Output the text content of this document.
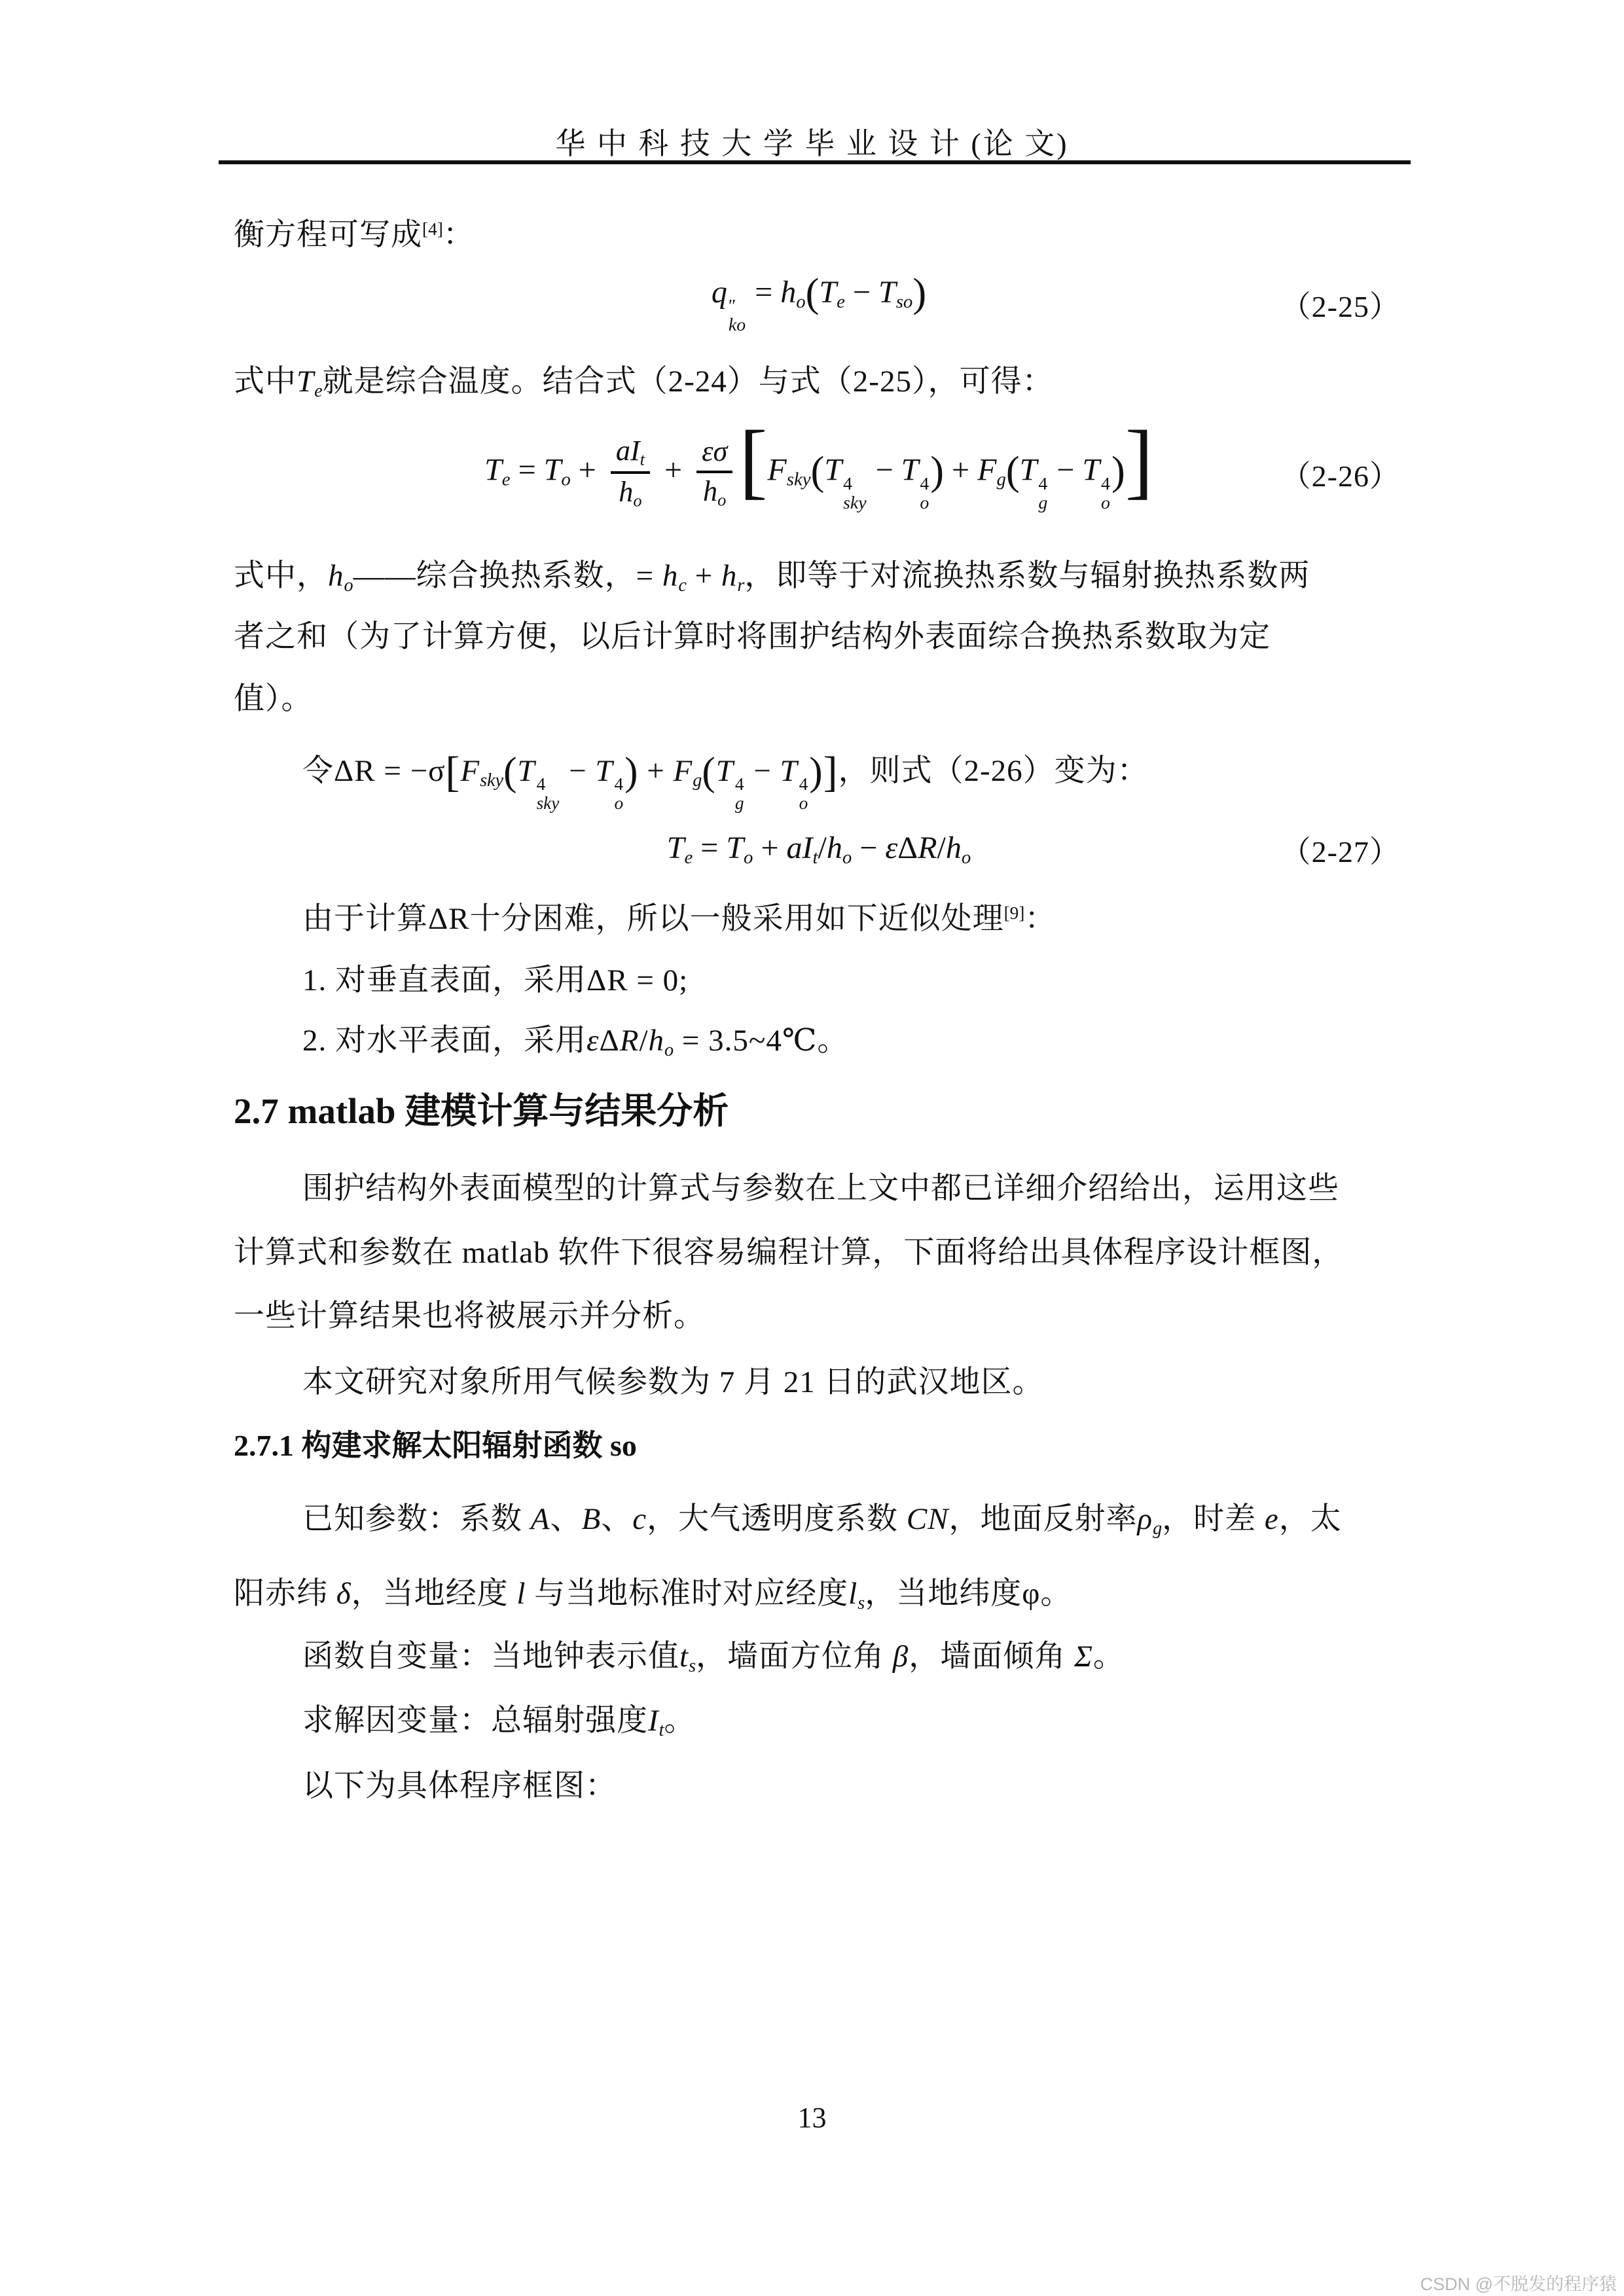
华 中 科 技 大 学 毕 业 设 计 (论 文)
衡方程可写成[4]：
q ″
ko
= $h_o(T_e - T_{so})$	（2-25）
式中$T_e$就是综合温度。结合式（2-24）与式（2-25），可得：
$T_e = T_o + \frac{aI_t}{h_o} + \frac{\varepsilon\sigma}{h_o} [F_{sky}(T$ 4
sky
− T 4
o
) + $F_g(T$ 4
g
− T 4
o
)]	（2-26）
式中，$h_o——$综合换热系数，= $h_c + h_r$，即等于对流换热系数与辐射换热系数两
者之和（为了计算方便，以后计算时将围护结构外表面综合换热系数取为定
值）。
令$\Delta R = -\sigma[F_{sky}(T$ 4
sky
− T 4
o
) + $F_g(T$ 4
g
− T 4
o
)]，则式（2-26）变为：
$T_e = T_o + aI_t/h_o - \varepsilon\Delta R/h_o$	（2-27）
由于计算ΔR十分困难，所以一般采用如下近似处理[9]：
1. 对垂直表面，采用ΔR = 0;
2. 对水平表面，采用εΔR/$h_o$ = 3.5~4℃。
2.7 matlab 建模计算与结果分析
围护结构外表面模型的计算式与参数在上文中都已详细介绍给出，运用这些
计算式和参数在 matlab 软件下很容易编程计算，下面将给出具体程序设计框图，
一些计算结果也将被展示并分析。
本文研究对象所用气候参数为 7 月 21 日的武汉地区。
2.7.1 构建求解太阳辐射函数 so
已知参数：系数 A、B、c，大气透明度系数 CN，地面反射率$\rho_g$，时差 e，太
阳赤纬 δ，当地经度 l 与当地标准时对应经度$l_s$，当地纬度φ。
函数自变量：当地钟表示值$t_s$，墙面方位角 β，墙面倾角 Σ。
求解因变量：总辐射强度$I_t$。
以下为具体程序框图：
13
CSDN @不脱发的程序猿
